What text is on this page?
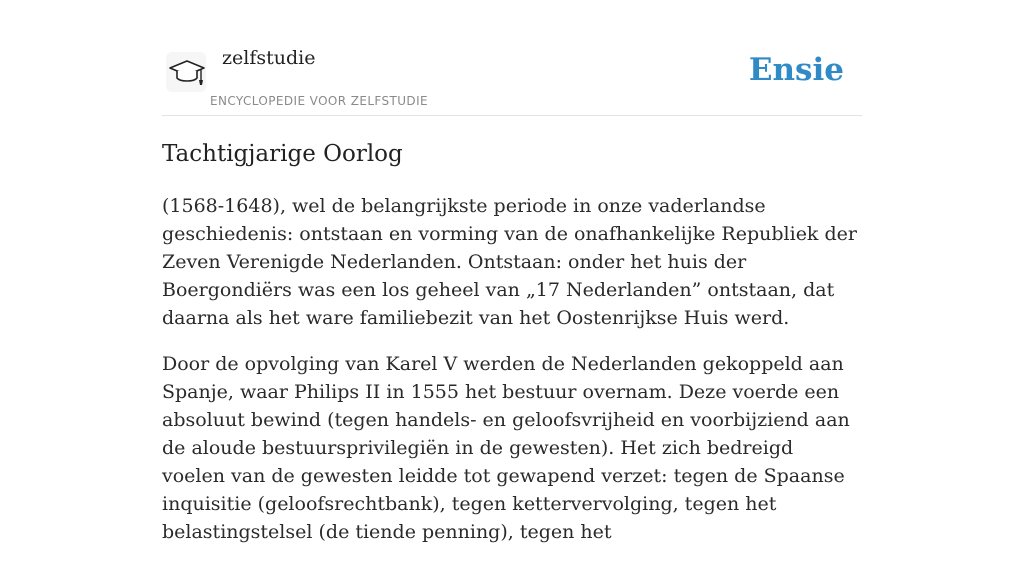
zelfstudie
ENCYCLOPEDIE VOOR ZELFSTUDIE
Ensie
Tachtigjarige Oorlog

(1568-1648), wel de belangrijkste periode in onze vaderlandse geschiedenis: ontstaan en vorming van de onafhankelijke Republiek der Zeven Verenigde Nederlanden. Ontstaan: onder het huis der Boergondiërs was een los geheel van „17 Nederlanden” ontstaan, dat daarna als het ware familiebezit van het Oostenrijkse Huis werd.

Door de opvolging van Karel V werden de Nederlanden gekoppeld aan Spanje, waar Philips II in 1555 het bestuur overnam. Deze voerde een absoluut bewind (tegen handels- en geloofsvrijheid en voorbijziend aan de aloude bestuursprivilegiën in de gewesten). Het zich bedreigd voelen van de gewesten leidde tot gewapend verzet: tegen de Spaanse inquisitie (geloofsrechtbank), tegen kettervervolging, tegen het belastingstelsel (de tiende penning), tegen het
